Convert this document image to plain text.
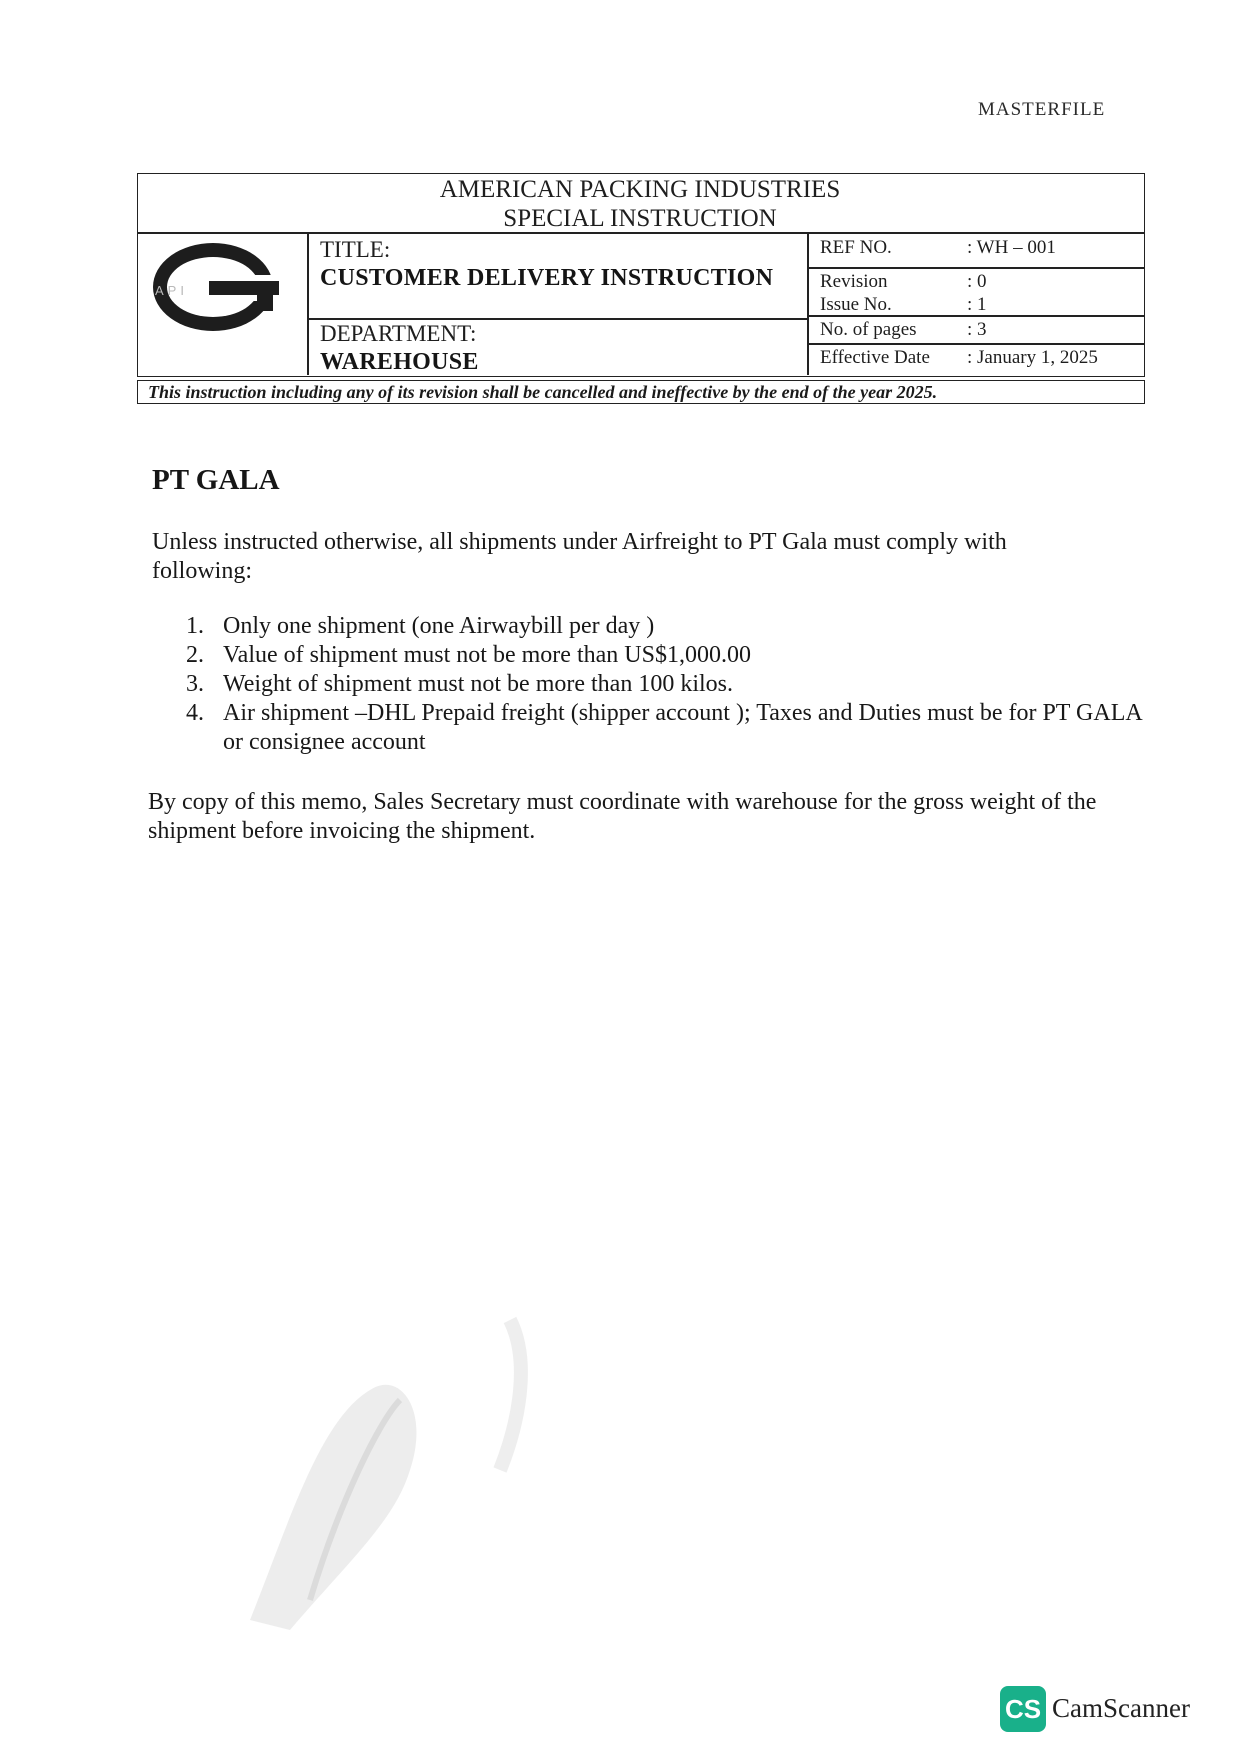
MASTERFILE
AMERICAN PACKING INDUSTRIES
SPECIAL INSTRUCTION
API
TITLE:
CUSTOMER DELIVERY INSTRUCTION
DEPARTMENT:
WAREHOUSE
REF NO.	: WH – 001
Revision	: 0
Issue No.	: 1
No. of pages	: 3
Effective Date : January 1, 2025
This instruction including any of its revision shall be cancelled and ineffective by the end of the year 2025.
PT GALA
Unless instructed otherwise, all shipments under Airfreight to PT Gala must comply with following:
1. Only one shipment (one Airwaybill per day )
2. Value of shipment must not be more than US$1,000.00
3. Weight of shipment must not be more than 100 kilos.
4. Air shipment –DHL Prepaid freight (shipper account ); Taxes and Duties must be for PT GALA or consignee account
By copy of this memo, Sales Secretary must coordinate with warehouse for the gross weight of the shipment before invoicing the shipment.
CS CamScanner
